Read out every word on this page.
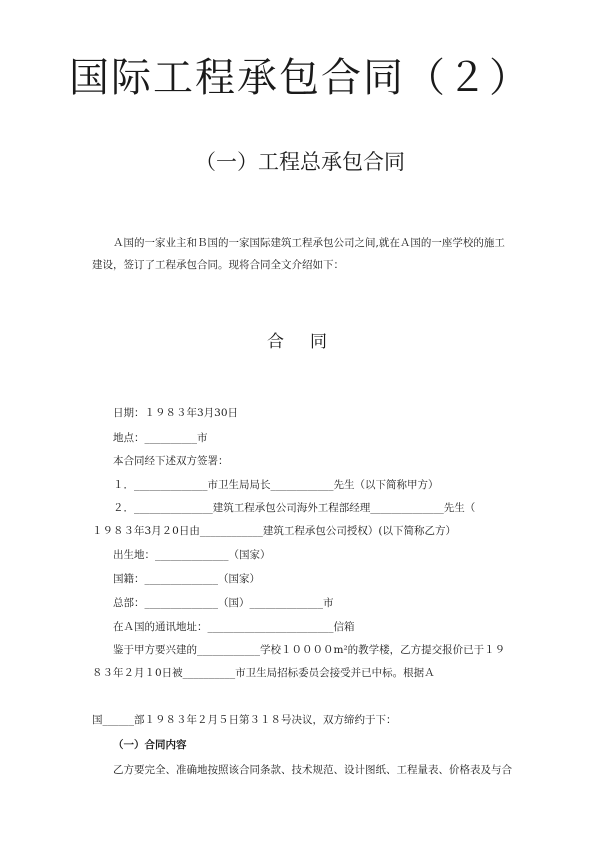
国际工程承包合同（２）
（一）工程总承包合同
Ａ国的一家业主和Ｂ国的一家国际建筑工程承包公司之间,就在Ａ国的一座学校的施工
建设，签订了工程承包合同。现将合同全文介绍如下：
合同
日期：１９８３年3月30日
地点：__________市
本合同经下述双方签署：
１．______________市卫生局局长____________先生（以下简称甲方）
２．_______________建筑工程承包公司海外工程部经理______________先生（
１９８３年3月２0日由____________建筑工程承包公司授权）(以下简称乙方）
出生地：______________（国家）
国籍：______________（国家）
总部：______________（国）______________市
在Ａ国的通讯地址：________________________信箱
鉴于甲方要兴建的____________学校１００００m²的教学楼，乙方提交报价已于１９
８３年２月１0日被__________市卫生局招标委员会接受并已中标。根据Ａ
国______部１９８３年２月５日第３１８号决议，双方缔约于下：
（一）合同内容
乙方要完全、准确地按照该合同条款、技术规范、设计图纸、工程量表、价格表及与合
